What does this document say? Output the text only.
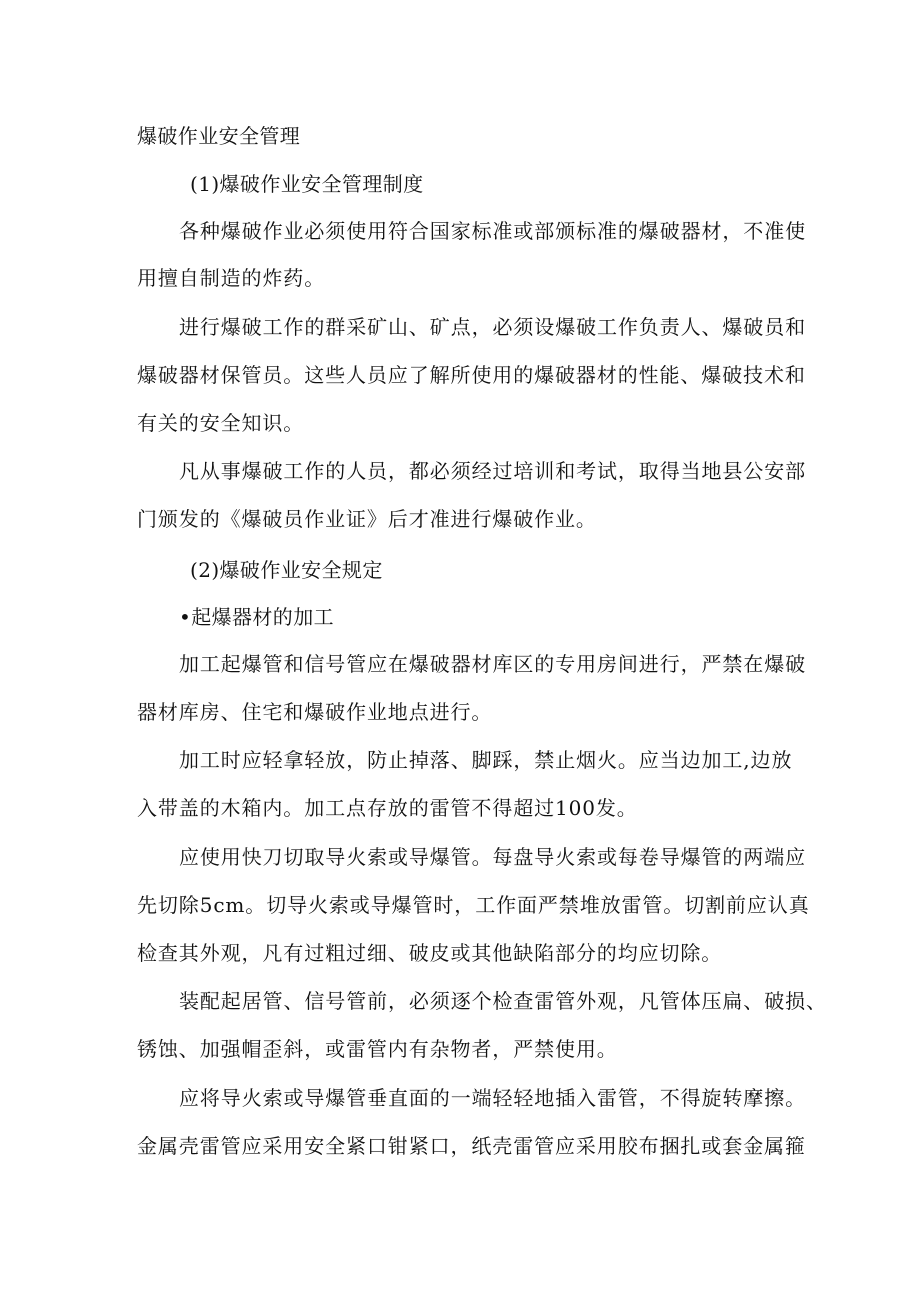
爆破作业安全管理
(1)爆破作业安全管理制度
各种爆破作业必须使用符合国家标准或部颁标准的爆破器材，不准使
用擅自制造的炸药。
进行爆破工作的群采矿山、矿点，必须设爆破工作负责人、爆破员和
爆破器材保管员。这些人员应了解所使用的爆破器材的性能、爆破技术和
有关的安全知识。
凡从事爆破工作的人员，都必须经过培训和考试，取得当地县公安部
门颁发的《爆破员作业证》后才准进行爆破作业。
(2)爆破作业安全规定
•起爆器材的加工
加工起爆管和信号管应在爆破器材库区的专用房间进行，严禁在爆破
器材库房、住宅和爆破作业地点进行。
加工时应轻拿轻放，防止掉落、脚踩，禁止烟火。应当边加工,边放
入带盖的木箱内。加工点存放的雷管不得超过100发。
应使用快刀切取导火索或导爆管。每盘导火索或每卷导爆管的两端应
先切除5cm。切导火索或导爆管时，工作面严禁堆放雷管。切割前应认真
检查其外观，凡有过粗过细、破皮或其他缺陷部分的均应切除。
装配起居管、信号管前，必须逐个检查雷管外观，凡管体压扁、破损、
锈蚀、加强帽歪斜，或雷管内有杂物者，严禁使用。
应将导火索或导爆管垂直面的一端轻轻地插入雷管，不得旋转摩擦。
金属壳雷管应采用安全紧口钳紧口，纸壳雷管应采用胶布捆扎或套金属箍
